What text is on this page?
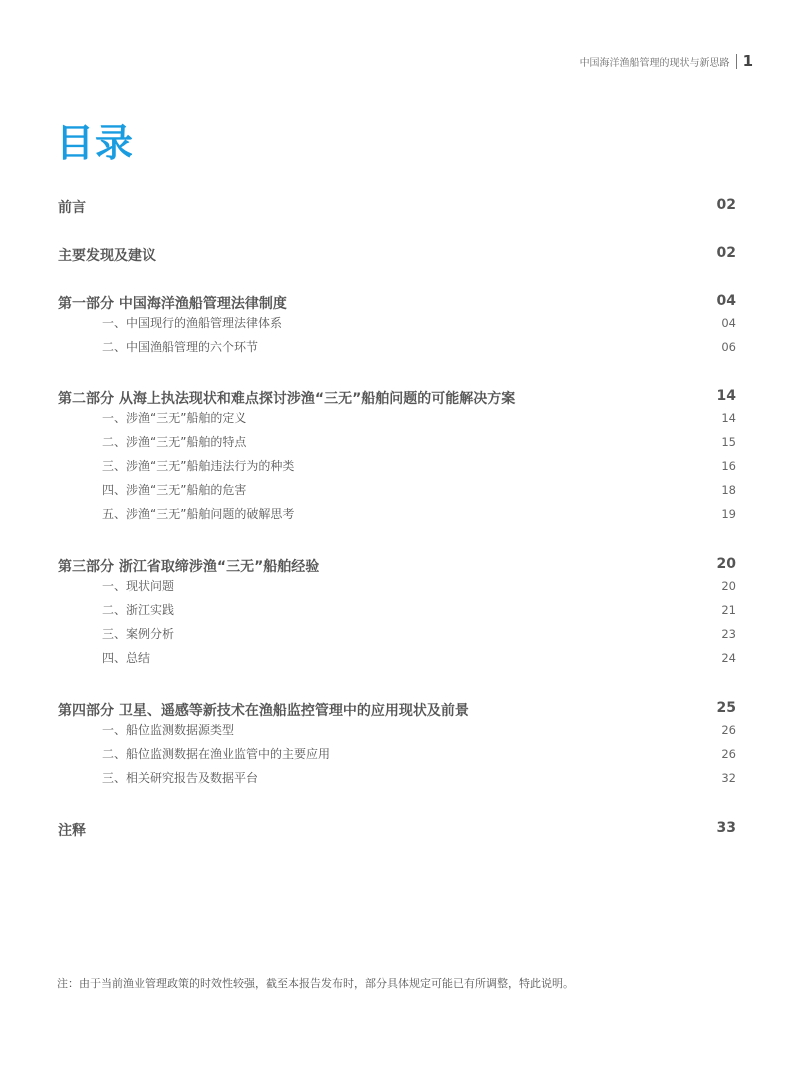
中国海洋渔船管理的现状与新思路 1
目录
前言	02
主要发现及建议	02
第一部分 中国海洋渔船管理法律制度	04
一、中国现行的渔船管理法律体系	04
二、中国渔船管理的六个环节	06
第二部分 从海上执法现状和难点探讨涉渔“三无”船舶问题的可能解决方案	14
一、涉渔“三无”船舶的定义	14
二、涉渔“三无”船舶的特点	15
三、涉渔“三无”船舶违法行为的种类	16
四、涉渔“三无”船舶的危害	18
五、涉渔“三无”船舶问题的破解思考	19
第三部分 浙江省取缔涉渔“三无”船舶经验	20
一、现状问题	20
二、浙江实践	21
三、案例分析	23
四、总结	24
第四部分 卫星、遥感等新技术在渔船监控管理中的应用现状及前景	25
一、船位监测数据源类型	26
二、船位监测数据在渔业监管中的主要应用	26
三、相关研究报告及数据平台	32
注释	33
注：由于当前渔业管理政策的时效性较强，截至本报告发布时，部分具体规定可能已有所调整，特此说明。
